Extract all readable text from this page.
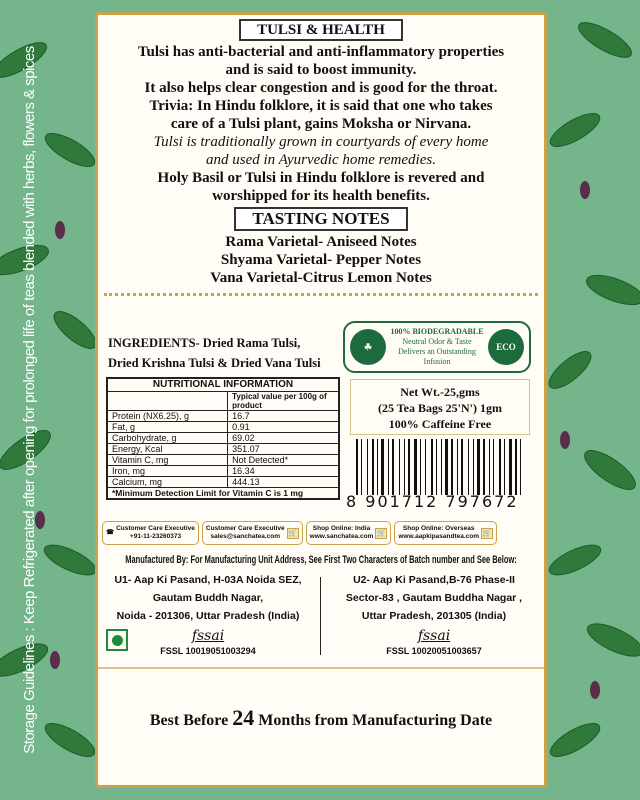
Storage Guidelines : Keep Refrigerated after opening for prolonged life of teas blended with herbs, flowers & spices
TULSI & HEALTH
Tulsi has anti-bacterial and anti-inflammatory properties
and is said to boost immunity.
It also helps clear congestion and is good for the throat.
Trivia: In Hindu folklore, it is said that one who takes
care of a Tulsi plant, gains Moksha or Nirvana.
Tulsi is traditionally grown in courtyards of every home
and used in Ayurvedic home remedies.
Holy Basil or Tulsi in Hindu folklore is revered and
worshipped for its health benefits.
TASTING NOTES
Rama Varietal- Aniseed Notes
Shyama Varietal- Pepper Notes
Vana Varietal-Citrus Lemon Notes
INGREDIENTS- Dried Rama Tulsi,
Dried Krishna Tulsi & Dried Vana Tulsi
☘	ECO
100% BIODEGRADABLE
Neutral Odor & Taste
Delivers an Outstanding
Infusion
NUTRITIONAL INFORMATION	
	Typical value per 100g of product
Protein (NX6.25), g	16.7
Fat, g	0.91
Carbohydrate, g	69.02
Energy, Kcal	351.07
Vitamin C, mg	Not Detected*
Iron, mg	16.34
Calcium, mg	444.13
*Minimum Detection Limit for Vitamin C is 1 mg	
Net Wt.-25,gms
(25 Tea Bags 25'N') 1gm
100% Caffeine Free
8 901712 797672
☎
Customer Care Executive
+91-11-23260373
Customer Care Executive
sales@sanchatea.com	🛒
Shop Online: India
www.sanchatea.com 🛒
Shop Online: Overseas
www.aapkipasandtea.com 🛒
Manufactured By: For Manufacturing Unit Address, See First Two Characters of Batch number and See Below:
U1- Aap Ki Pasand, H-03A Noida SEZ,
Gautam Buddh Nagar,
Noida - 201306, Uttar Pradesh (India)
fssai
FSSL 10019051003294
U2- Aap Ki Pasand,B-76 Phase-II
Sector-83 , Gautam Buddha Nagar ,
Uttar Pradesh, 201305 (India)
fssai
FSSL 10020051003657
Best Before 24 Months from Manufacturing Date
